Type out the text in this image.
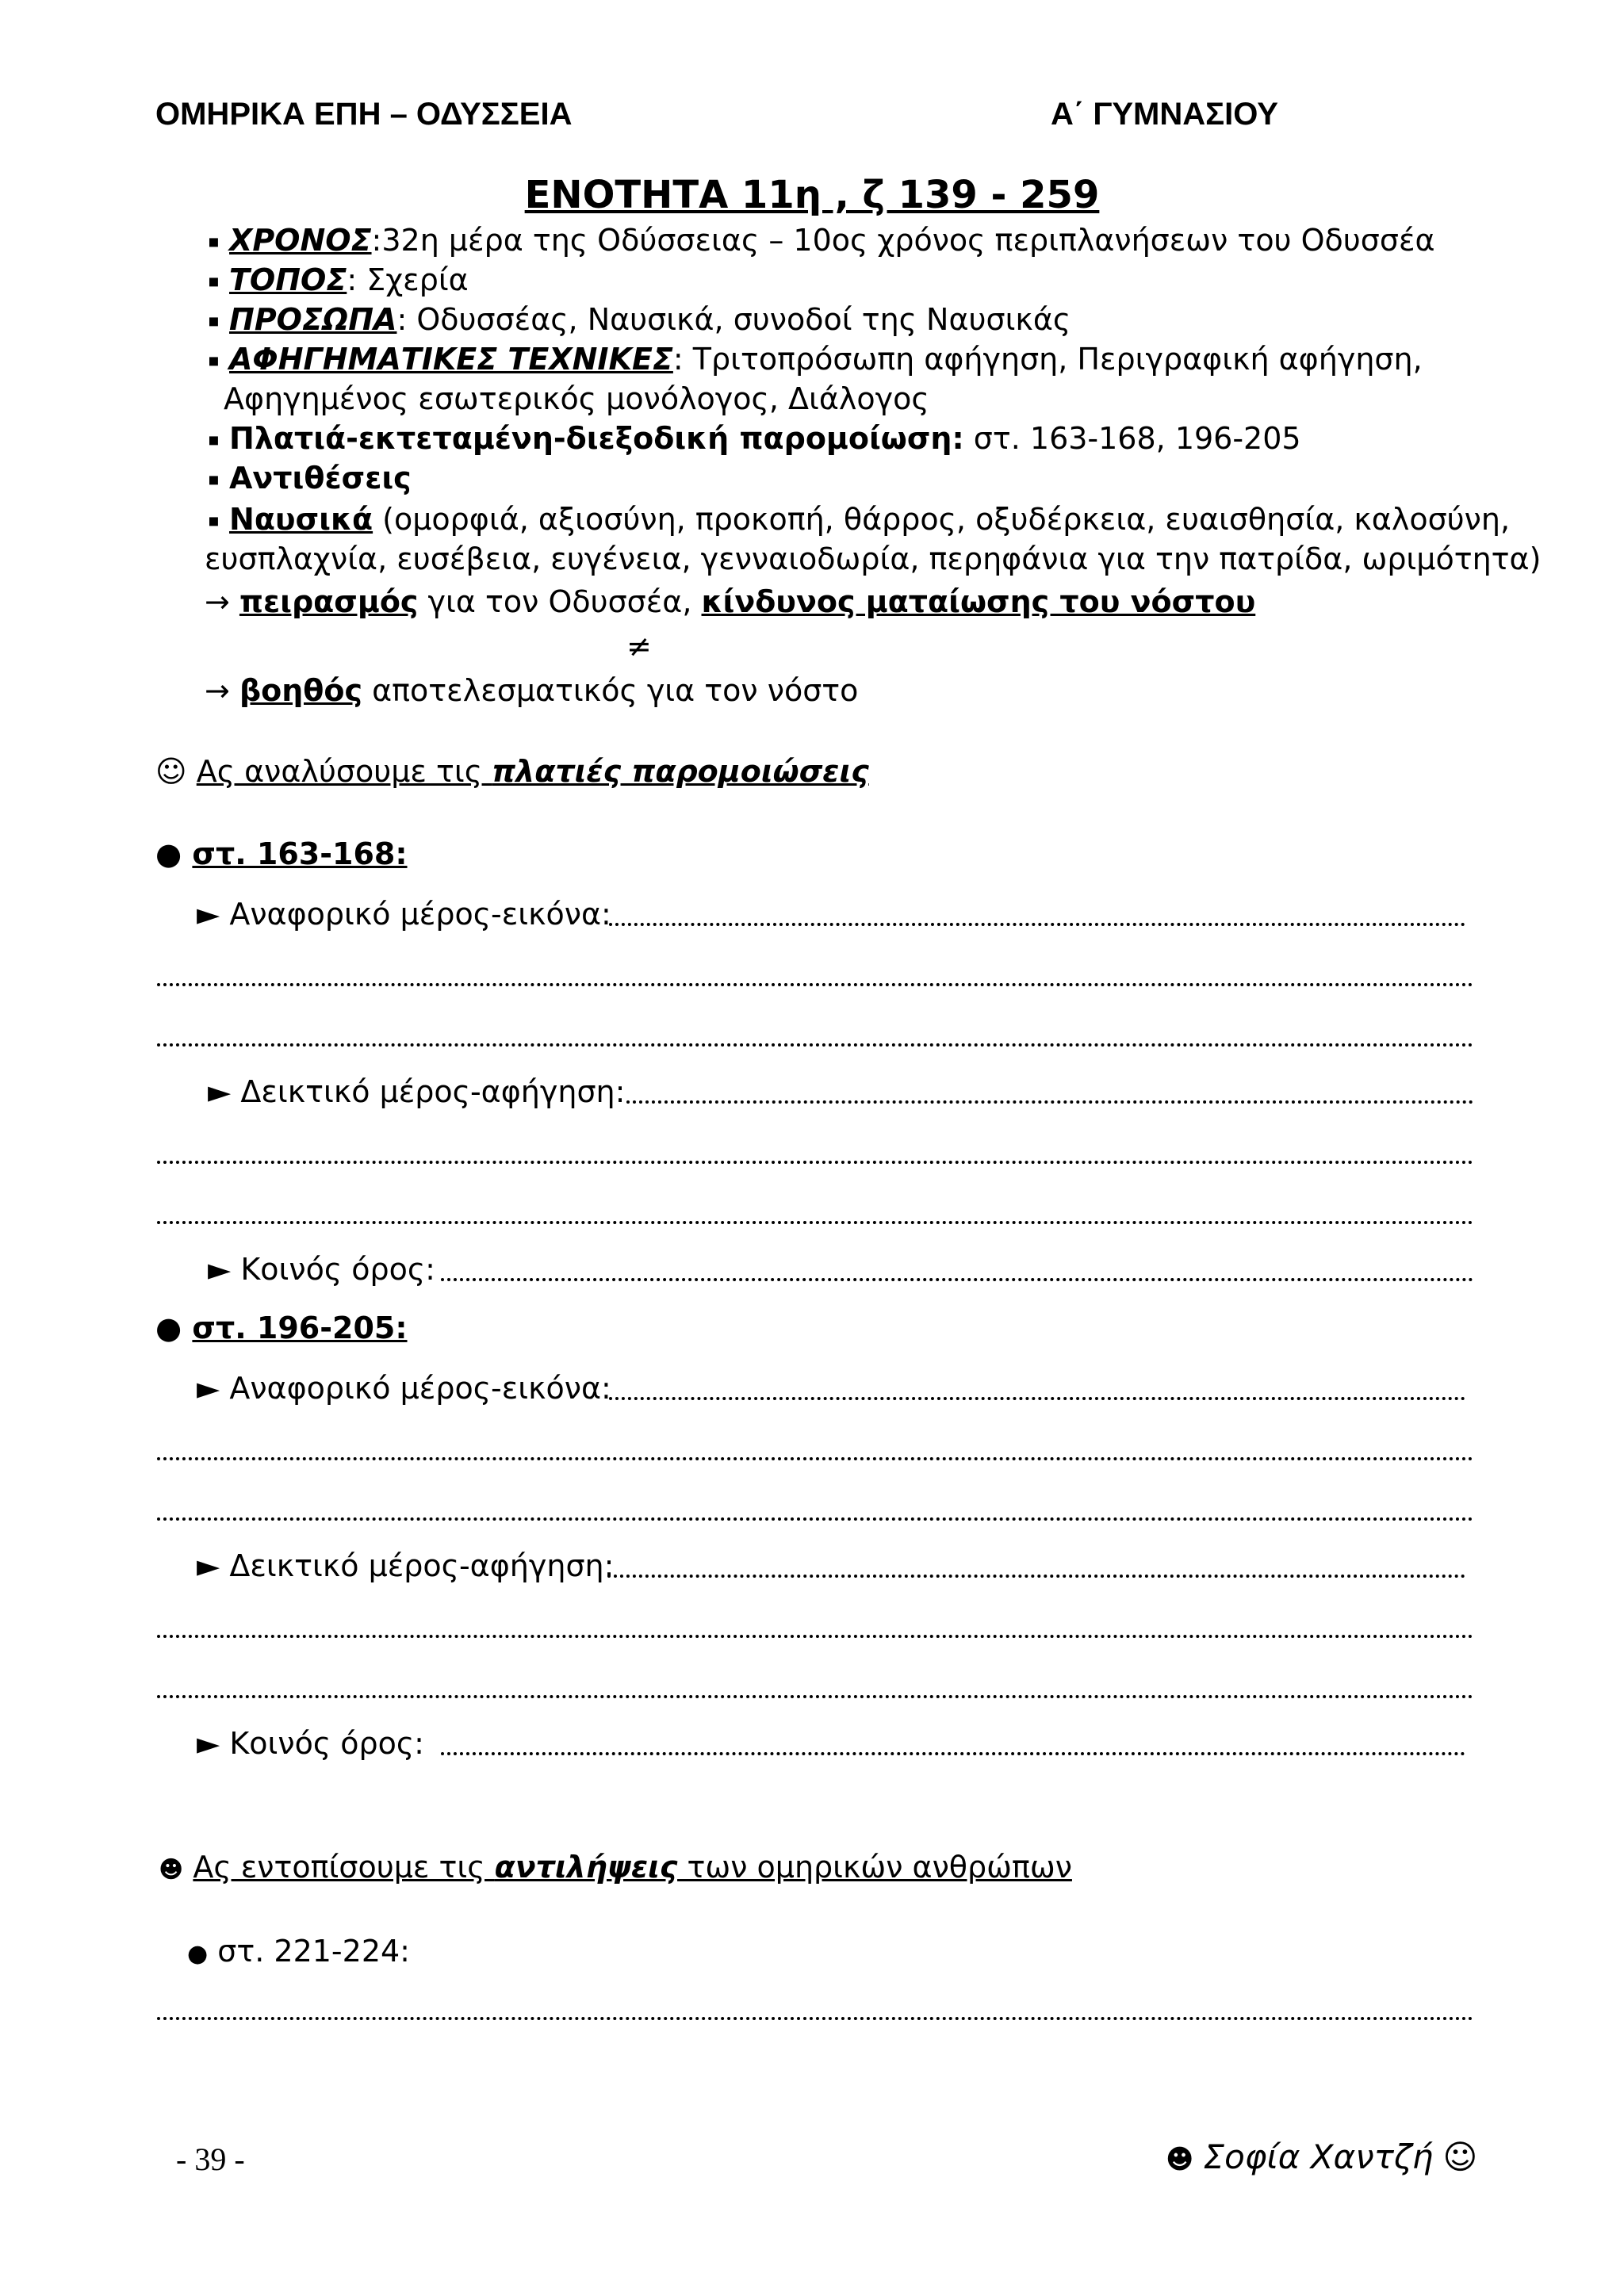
ΟΜΗΡΙΚΑ ΕΠΗ – ΟΔΥΣΣΕΙΑ	Α΄ ΓΥΜΝΑΣΙΟΥ
ΕΝΟΤΗΤΑ 11η , ζ 139 - 259
▪ ΧΡΟΝΟΣ:32η μέρα της Οδύσσειας – 10ος χρόνος περιπλανήσεων του Οδυσσέα
▪ ΤΟΠΟΣ: Σχερία
▪ ΠΡΟΣΩΠΑ: Οδυσσέας, Ναυσικά, συνοδοί της Ναυσικάς
▪ ΑΦΗΓΗΜΑΤΙΚΕΣ ΤΕΧΝΙΚΕΣ: Τριτοπρόσωπη αφήγηση, Περιγραφική αφήγηση,
Αφηγημένος εσωτερικός μονόλογος, Διάλογος
▪ Πλατιά-εκτεταμένη-διεξοδική παρομοίωση: στ. 163-168, 196-205
▪ Αντιθέσεις
▪ Ναυσικά (ομορφιά, αξιοσύνη, προκοπή, θάρρος, οξυδέρκεια, ευαισθησία, καλοσύνη,
ευσπλαχνία, ευσέβεια, ευγένεια, γενναιοδωρία, περηφάνια για την πατρίδα, ωριμότητα)
→ πειρασμός για τον Οδυσσέα, κίνδυνος ματαίωσης του νόστου
≠
→ βοηθός αποτελεσματικός για τον νόστο
☺ Ας αναλύσουμε τις πλατιές παρομοιώσεις
● στ. 163-168:
► Αναφορικό μέρος-εικόνα:
► Δεικτικό μέρος-αφήγηση:
► Κοινός όρος:
● στ. 196-205:
► Αναφορικό μέρος-εικόνα:
► Δεικτικό μέρος-αφήγηση:
► Κοινός όρος:
☻ Ας εντοπίσουμε τις αντιλήψεις των ομηρικών ανθρώπων
● στ. 221-224:
- 39 -	☻ Σοφία Χαντζή ☺
